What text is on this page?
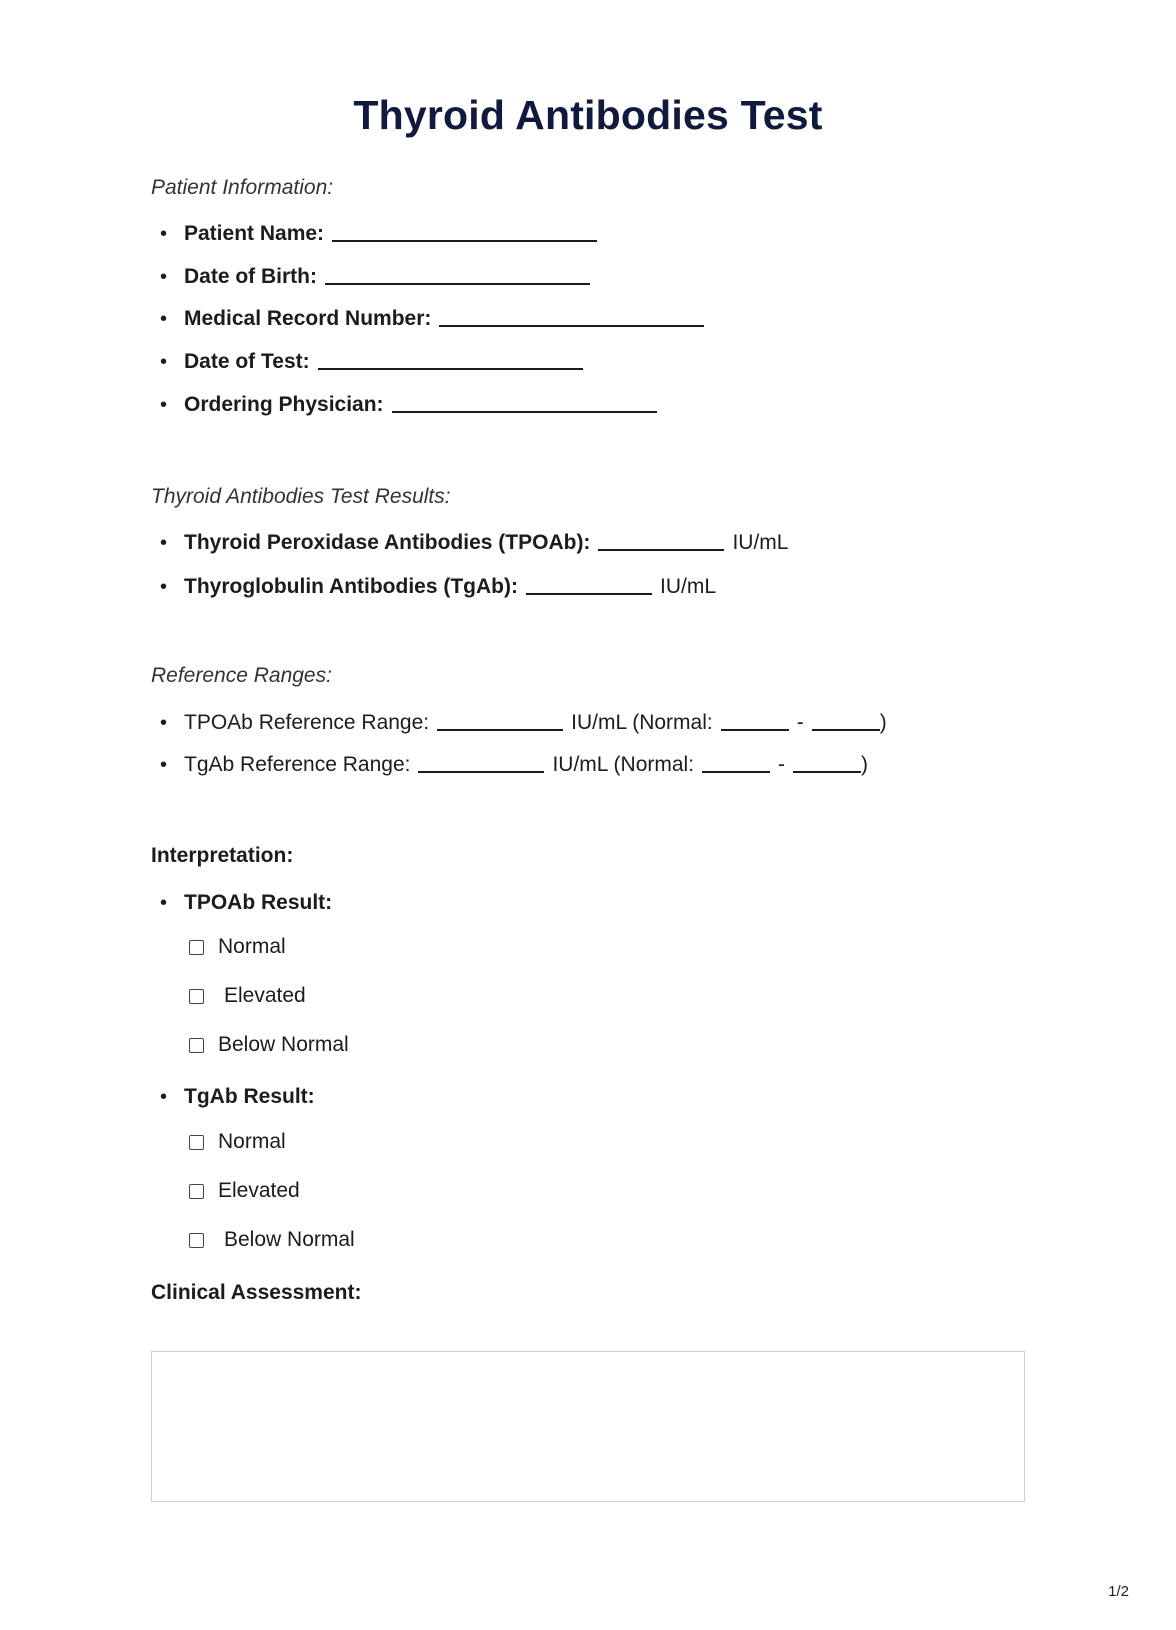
Thyroid Antibodies Test
Patient Information:
• Patient Name:
• Date of Birth:
• Medical Record Number:
• Date of Test:
• Ordering Physician:
Thyroid Antibodies Test Results:
• Thyroid Peroxidase Antibodies (TPOAb):	IU/mL
• Thyroglobulin Antibodies (TgAb):	IU/mL
Reference Ranges:
• TPOAb Reference Range:	IU/mL (Normal:	-	)
• TgAb Reference Range:	IU/mL (Normal:	-	)
Interpretation:
• TPOAb Result:
Normal
Elevated
Below Normal
• TgAb Result:
Normal
Elevated
Below Normal
Clinical Assessment:
1/2
